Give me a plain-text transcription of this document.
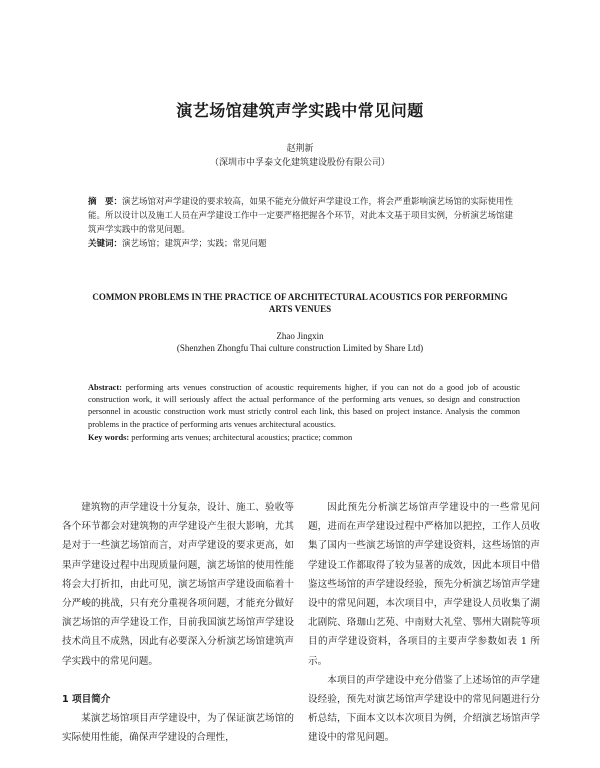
演艺场馆建筑声学实践中常见问题
赵荆新
（深圳市中孚泰文化建筑建设股份有限公司）
摘　要：演艺场馆对声学建设的要求较高，如果不能充分做好声学建设工作，将会严重影响演艺场馆的实际使用性能。所以设计以及施工人员在声学建设工作中一定要严格把握各个环节，对此本文基于项目实例，分析演艺场馆建筑声学实践中的常见问题。
关键词：演艺场馆；建筑声学；实践；常见问题
COMMON PROBLEMS IN THE PRACTICE OF ARCHITECTURAL ACOUSTICS FOR PERFORMING ARTS VENUES
Zhao Jingxin
(Shenzhen Zhongfu Thai culture construction Limited by Share Ltd)
Abstract: performing arts venues construction of acoustic requirements higher, if you can not do a good job of acoustic construction work, it will seriously affect the actual performance of the performing arts venues, so design and construction personnel in acoustic construction work must strictly control each link, this based on project instance. Analysis the common problems in the practice of performing arts venues architectural acoustics.
Key words: performing arts venues; architectural acoustics; practice; common

建筑物的声学建设十分复杂，设计、施工、验收等各个环节都会对建筑物的声学建设产生很大影响，尤其是对于一些演艺场馆而言，对声学建设的要求更高，如果声学建设过程中出现质量问题，演艺场馆的使用性能将会大打折扣，由此可见，演艺场馆声学建设面临着十分严峻的挑战，只有充分重视各项问题，才能充分做好演艺场馆的声学建设工作，目前我国演艺场馆声学建设技术尚且不成熟，因此有必要深入分析演艺场馆建筑声学实践中的常见问题。

1 项目简介

某演艺场馆项目声学建设中，为了保证演艺场馆的实际使用性能，确保声学建设的合理性，

因此预先分析演艺场馆声学建设中的一些常见问题，进而在声学建设过程中严格加以把控，工作人员收集了国内一些演艺场馆的声学建设资料，这些场馆的声学建设工作都取得了较为显著的成效，因此本项目中借鉴这些场馆的声学建设经验，预先分析演艺场馆声学建设中的常见问题，本次项目中，声学建设人员收集了湖北剧院、珞珈山艺苑、中南财大礼堂、鄂州大剧院等项目的声学建设资料，各项目的主要声学参数如表 1 所示。

本项目的声学建设中充分借鉴了上述场馆的声学建设经验，预先对演艺场馆声学建设中的常见问题进行分析总结，下面本文以本次项目为例，介绍演艺场馆声学建设中的常见问题。
